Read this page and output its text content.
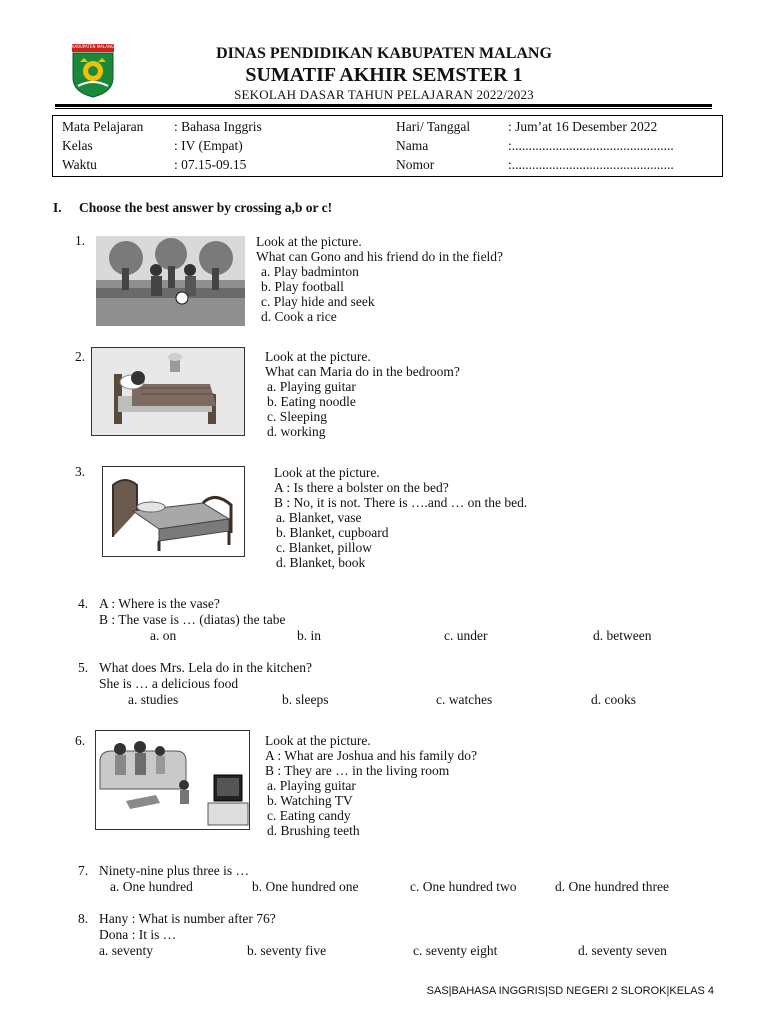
KABUPATEN MALANG	DINAS PENDIDIKAN KABUPATEN MALANG
SUMATIF AKHIR SEMSTER 1
SEKOLAH DASAR TAHUN PELAJARAN 2022/2023
Mata Pelajaran : Bahasa Inggris	Hari/ Tanggal	: Jum’at 16 Desember 2022
Kelas	: IV (Empat)	Nama	:................................................
Waktu	: 07.15-09.15	Nomor	:................................................
I. Choose the best answer by crossing a,b or c!
1.	Look at the picture.
What can Gono and his friend do in the field?
a. Play badminton
b. Play football
c. Play hide and seek
d. Cook a rice
2.	Look at the picture.
What can Maria do in the bedroom?
a. Playing guitar
b. Eating noodle
c. Sleeping
d. working
3.	Look at the picture.
A : Is there a bolster on the bed?
B : No, it is not. There is ….and … on the bed.
a. Blanket, vase
b. Blanket, cupboard
c. Blanket, pillow
d. Blanket, book
4. A : Where is the vase?
B : The vase is … (diatas) the tabe
a. on	b. in	c. under	d. between
5. What does Mrs. Lela do in the kitchen?
She is … a delicious food
a. studies	b. sleeps	c. watches	d. cooks
6.	Look at the picture.
A : What are Joshua and his family do?
B : They are … in the living room
a. Playing guitar
b. Watching TV
c. Eating candy
d. Brushing teeth
7. Ninety-nine plus three is …
a. One hundred	b. One hundred one	c. One hundred two	d. One hundred three
8. Hany : What is number after 76?
Dona : It is …
a. seventy	b. seventy five	c. seventy eight	d. seventy seven
SAS|BAHASA INGGRIS|SD NEGERI 2 SLOROK|KELAS 4
